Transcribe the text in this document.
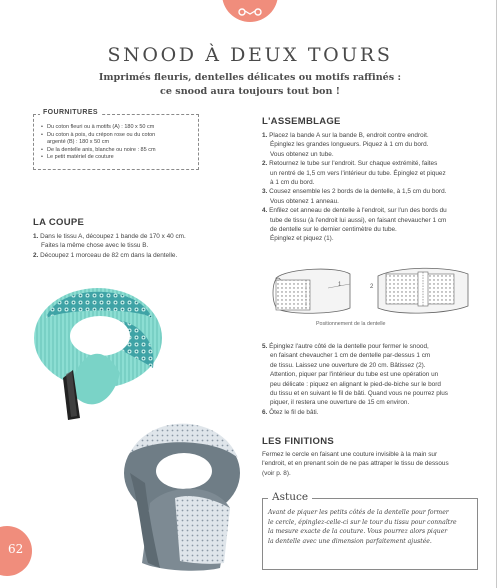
SNOOD À DEUX TOURS
Imprimés fleuris, dentelles délicates ou motifs raffinés :
ce snood aura toujours tout bon !
FOURNITURES
• Du coton fleuri ou à motifs (A) : 180 x 50 cm
• Du coton à pois, du crépon rose ou du coton
argenté (B) : 180 x 50 cm
• De la dentelle anis, blanche ou noire : 85 cm
• Le petit matériel de couture
LA COUPE
1. Dans le tissu A, découpez 1 bande de 170 x 40 cm.
Faites la même chose avec le tissu B.
2. Découpez 1 morceau de 82 cm dans la dentelle.
L'ASSEMBLAGE
1. Placez la bande A sur la bande B, endroit contre endroit.
Épinglez les grandes longueurs. Piquez à 1 cm du bord.
Vous obtenez un tube.
2. Retournez le tube sur l'endroit. Sur chaque extrémité, faites
un rentré de 1,5 cm vers l'intérieur du tube. Épinglez et piquez
à 1 cm du bord.
3. Cousez ensemble les 2 bords de la dentelle, à 1,5 cm du bord.
Vous obtenez 1 anneau.
4. Enfilez cet anneau de dentelle à l'endroit, sur l'un des bords du
tube de tissu (à l'endroit lui aussi), en faisant chevaucher 1 cm
de dentelle sur le dernier centimètre du tube.
Épinglez et piquez (1).
1	2
Positionnement de la dentelle
5. Épinglez l'autre côté de la dentelle pour fermer le snood,
en faisant chevaucher 1 cm de dentelle par-dessus 1 cm
de tissu. Laissez une ouverture de 20 cm. Bâtissez (2).
Attention, piquer par l'intérieur du tube est une opération un
peu délicate : piquez en alignant le pied-de-biche sur le bord
du tissu et en suivant le fil de bâti. Quand vous ne pourrez plus
piquer, il restera une ouverture de 15 cm environ.
6. Ôtez le fil de bâti.
LES FINITIONS
Fermez le cercle en faisant une couture invisible à la main sur
l'endroit, et en prenant soin de ne pas attraper le tissu de dessous
(voir p. 8).
Astuce
Avant de piquer les petits côtés de la dentelle pour former
le cercle, épinglez-celle-ci sur le tour du tissu pour connaître
la mesure exacte de la couture. Vous pourrez alors piquer
la dentelle avec une dimension parfaitement ajustée.
62
